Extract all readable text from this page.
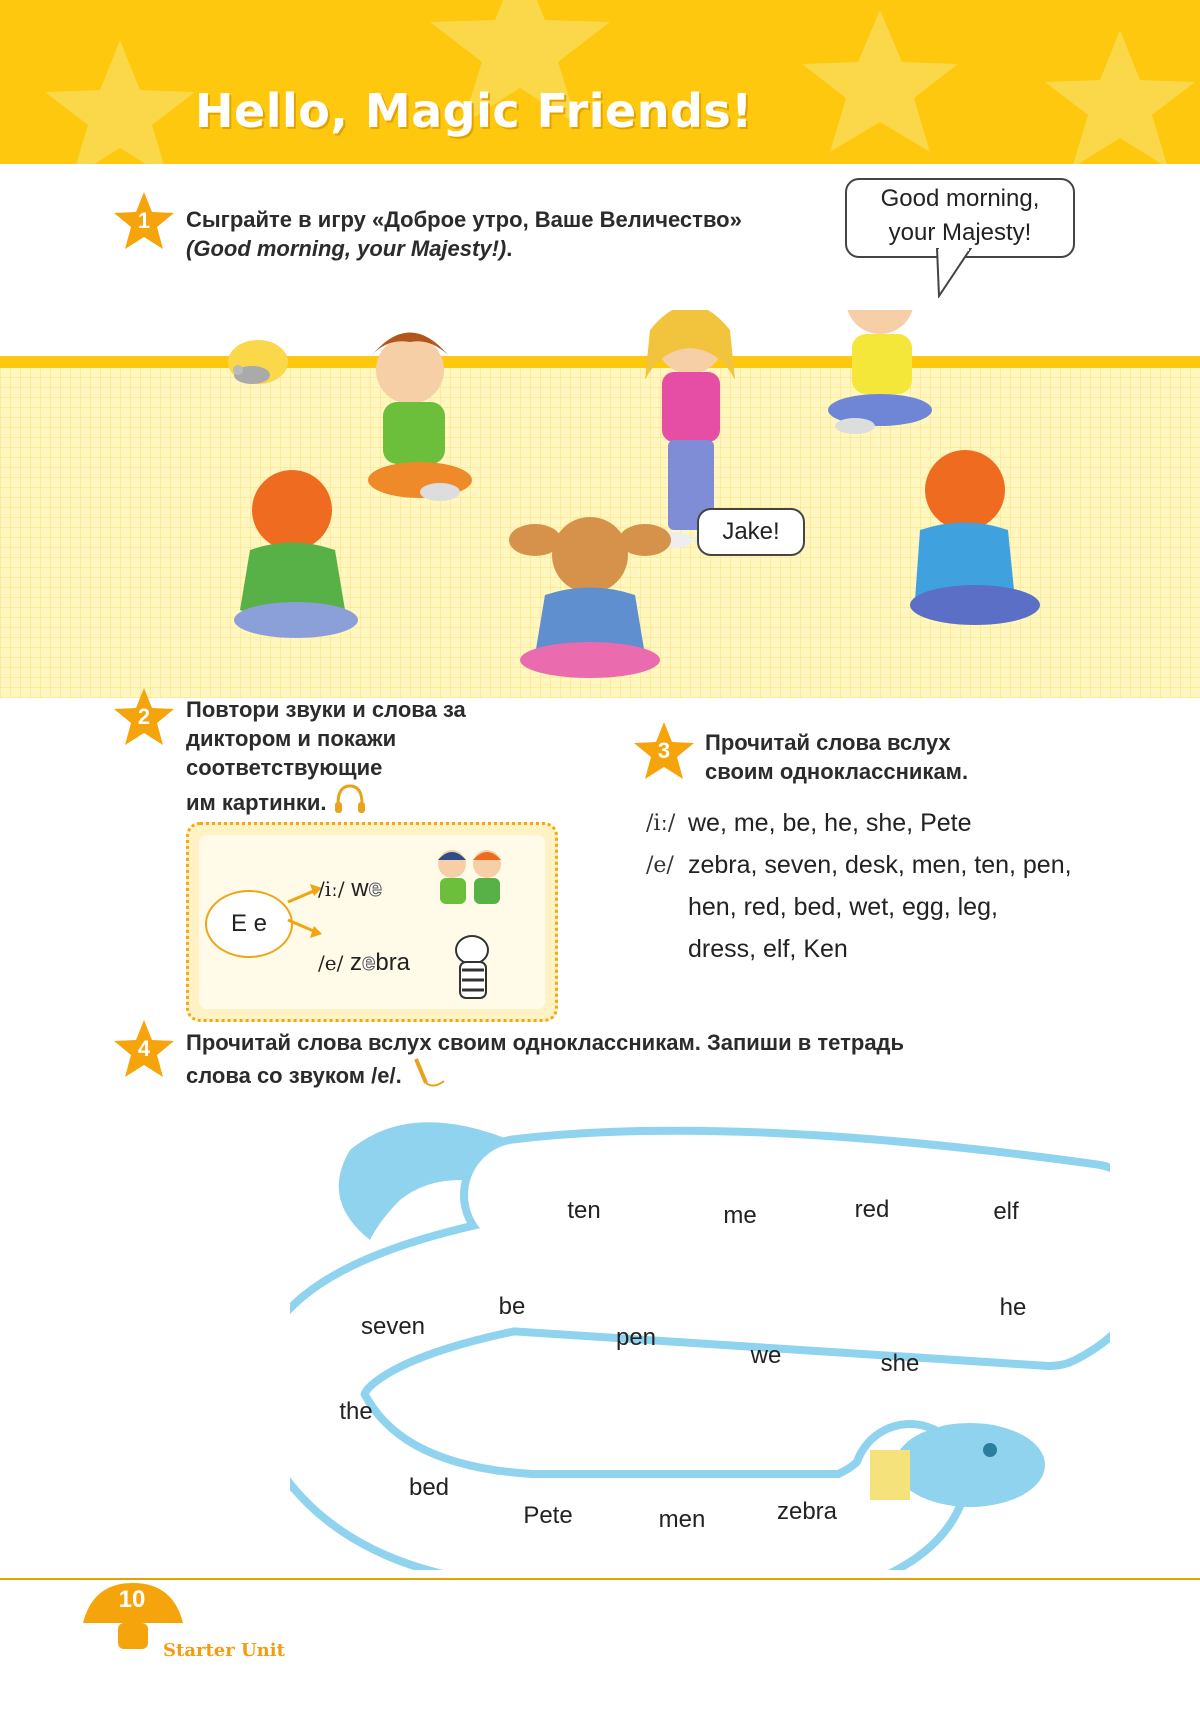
Hello, Magic Friends!
1	Сыграйте в игру «Доброе утро, Ваше Величество»
(Good morning, your Majesty!).
Good morning,
your Majesty!
Jake!
2	Повтори звуки и слова за
диктором и покажи
соответствующие
им картинки.
E e
/iː/ we
/e/ zebra
3	Прочитай слова вслух
своим одноклассникам.
/iː/ we, me, be, he, she, Pete
/e/ zebra, seven, desk, men, ten, pen,
hen, red, bed, wet, egg, leg,
dress, elf, Ken
4	Прочитай слова вслух своим одноклассникам. Запиши в тетрадь
слова со звуком /e/.
ten	me	red	elf
he
she
we
pen
be
seven
the
bed
Pete	men	zebra
10
Starter Unit
